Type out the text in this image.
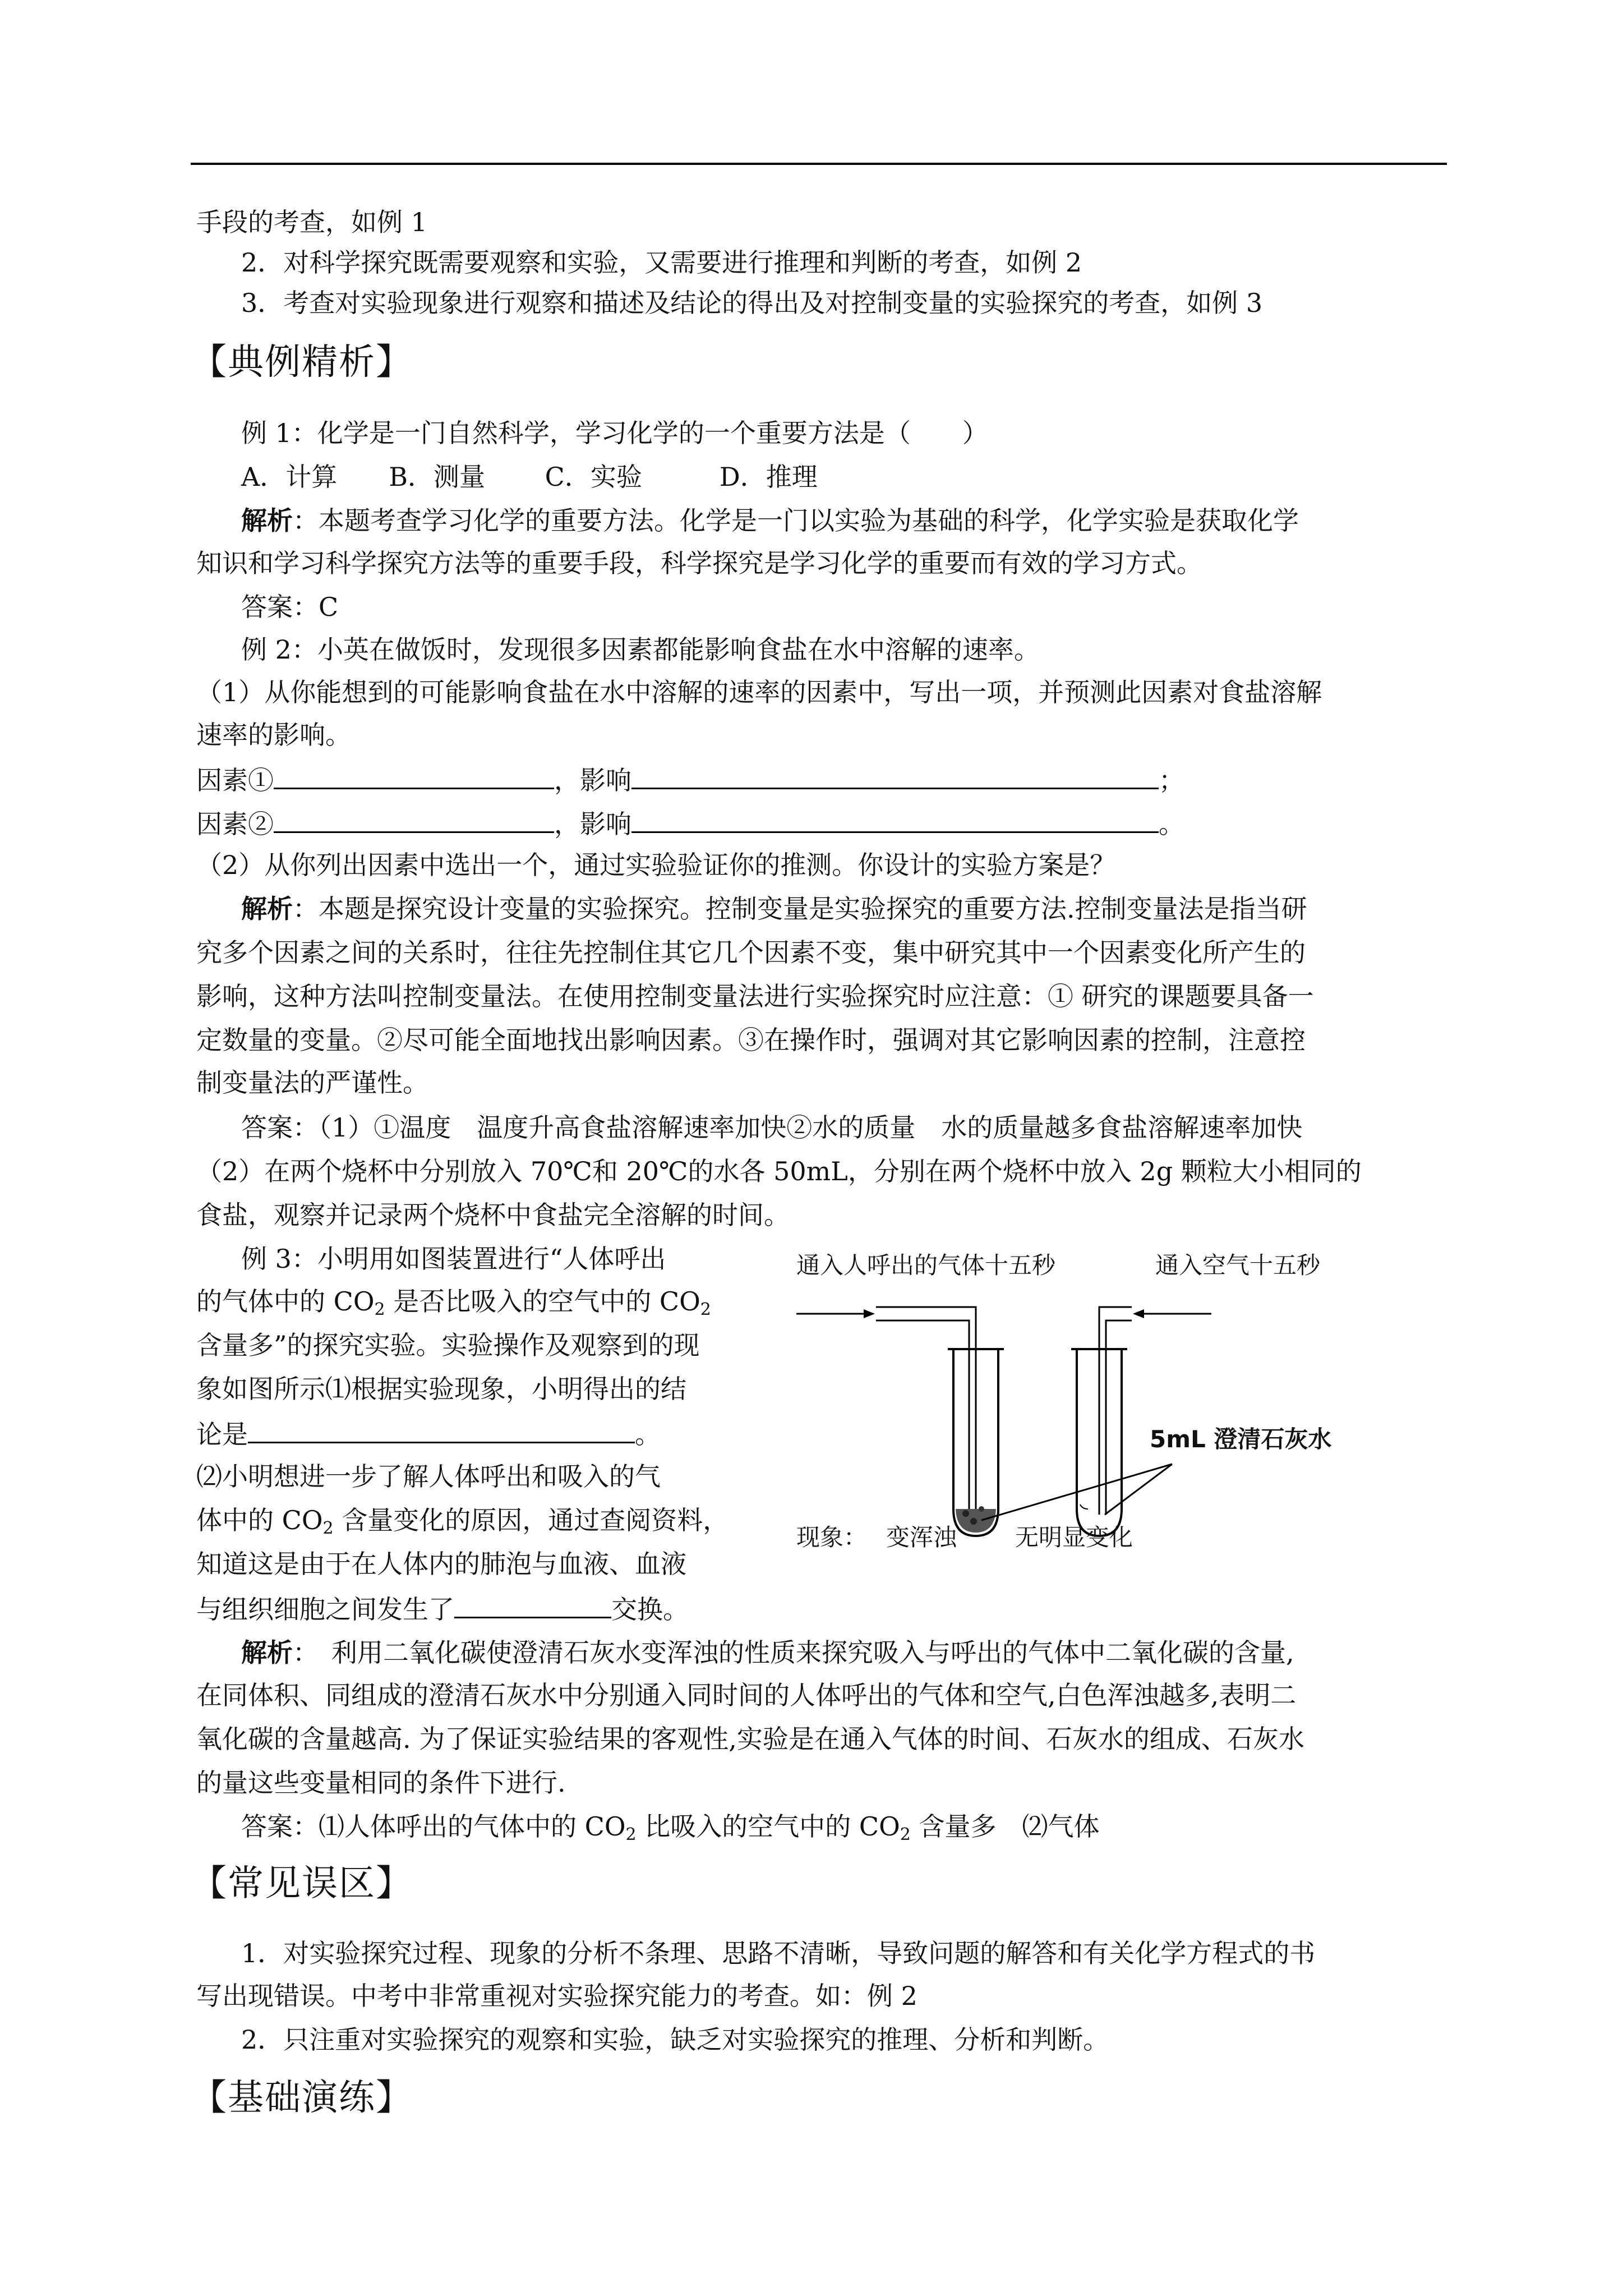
手段的考查，如例 1
2．对科学探究既需要观察和实验，又需要进行推理和判断的考查，如例 2
3．考查对实验现象进行观察和描述及结论的得出及对控制变量的实验探究的考查，如例 3
【典例精析】
例 1：化学是一门自然科学，学习化学的一个重要方法是（　　）
A．计算　　B．测量　　 C．实验　　　D．推理
解析：本题考查学习化学的重要方法。化学是一门以实验为基础的科学，化学实验是获取化学
知识和学习科学探究方法等的重要手段，科学探究是学习化学的重要而有效的学习方式。
答案：C
例 2：小英在做饭时，发现很多因素都能影响食盐在水中溶解的速率。
（1）从你能想到的可能影响食盐在水中溶解的速率的因素中，写出一项，并预测此因素对食盐溶解
速率的影响。
因素①	，影响	；
因素②	，影响	。
（2）从你列出因素中选出一个，通过实验验证你的推测。你设计的实验方案是？
解析：本题是探究设计变量的实验探究。控制变量是实验探究的重要方法.控制变量法是指当研
究多个因素之间的关系时，往往先控制住其它几个因素不变，集中研究其中一个因素变化所产生的
影响，这种方法叫控制变量法。在使用控制变量法进行实验探究时应注意：① 研究的课题要具备一
定数量的变量。②尽可能全面地找出影响因素。③在操作时，强调对其它影响因素的控制，注意控
制变量法的严谨性。
答案：（1）①温度　温度升高食盐溶解速率加快②水的质量　水的质量越多食盐溶解速率加快
（2）在两个烧杯中分别放入 70℃和 20℃的水各 50mL，分别在两个烧杯中放入 2g 颗粒大小相同的
食盐，观察并记录两个烧杯中食盐完全溶解的时间。
例 3：小明用如图装置进行“人体呼出
的气体中的 $CO_2$ 是否比吸入的空气中的 $CO_2$
含量多”的探究实验。实验操作及观察到的现
象如图所示⑴根据实验现象，小明得出的结
论是	。
⑵小明想进一步了解人体呼出和吸入的气
体中的 $CO_2$ 含量变化的原因，通过查阅资料，
知道这是由于在人体内的肺泡与血液、血液
与组织细胞之间发生了	交换。
通入人呼出的气体十五秒	通入空气十五秒
5mL 澄清石灰水
现象： 变浑浊 无明显变化
解析：　利用二氧化碳使澄清石灰水变浑浊的性质来探究吸入与呼出的气体中二氧化碳的含量,
在同体积、同组成的澄清石灰水中分别通入同时间的人体呼出的气体和空气,白色浑浊越多,表明二
氧化碳的含量越高. 为了保证实验结果的客观性,实验是在通入气体的时间、石灰水的组成、石灰水
的量这些变量相同的条件下进行.
答案：⑴人体呼出的气体中的 $CO_2$ 比吸入的空气中的 $CO_2$ 含量多　⑵气体
【常见误区】
1．对实验探究过程、现象的分析不条理、思路不清晰，导致问题的解答和有关化学方程式的书
写出现错误。中考中非常重视对实验探究能力的考查。如：例 2
2．只注重对实验探究的观察和实验，缺乏对实验探究的推理、分析和判断。
【基础演练】
